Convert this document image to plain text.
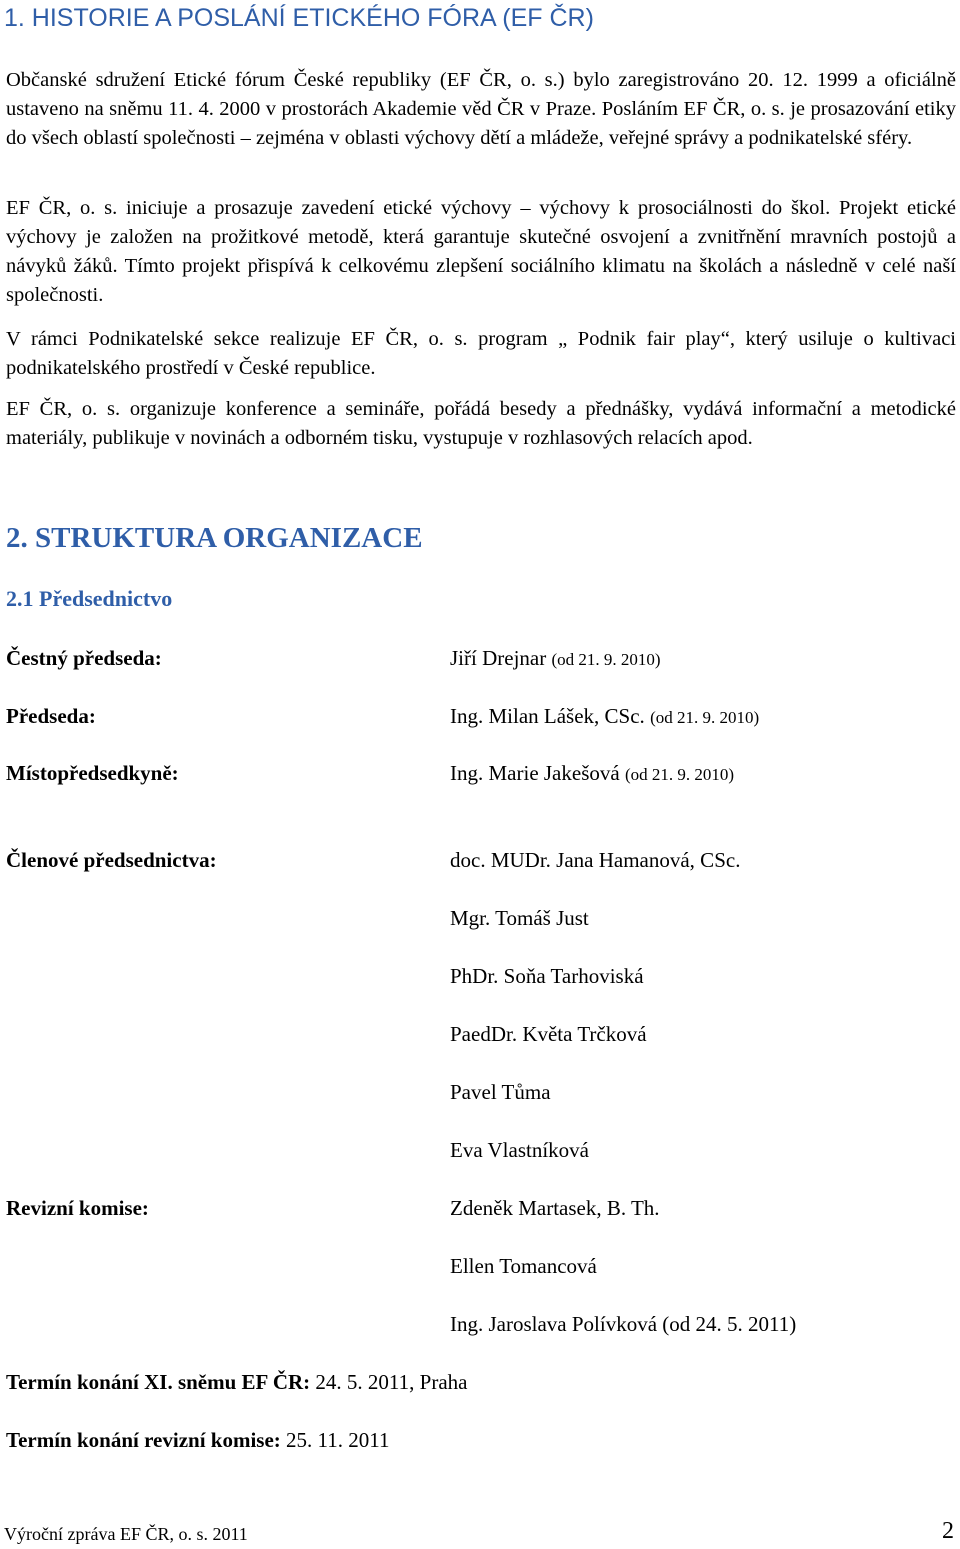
1. HISTORIE A POSLÁNÍ ETICKÉHO FÓRA (EF ČR)

Občanské sdružení Etické fórum České republiky (EF ČR, o. s.) bylo zaregistrováno 20. 12. 1999 a oficiálně ustaveno na sněmu 11. 4. 2000 v prostorách Akademie věd ČR v Praze. Posláním EF ČR, o. s. je prosazování etiky do všech oblastí společnosti – zejména v oblasti výchovy dětí a mládeže, veřejné správy a podnikatelské sféry.

EF ČR, o. s. iniciuje a prosazuje zavedení etické výchovy – výchovy k prosociálnosti do škol. Projekt etické výchovy je založen na prožitkové metodě, která garantuje skutečné osvojení a zvnitřnění mravních postojů a návyků žáků. Tímto projekt přispívá k celkovému zlepšení sociálního klimatu na školách a následně v celé naší společnosti.

V rámci Podnikatelské sekce realizuje EF ČR, o. s. program „ Podnik fair play“, který usiluje o kultivaci podnikatelského prostředí v České republice.

EF ČR, o. s. organizuje konference a semináře, pořádá besedy a přednášky, vydává informační a metodické materiály, publikuje v novinách a odborném tisku, vystupuje v rozhlasových relacích apod.

2. STRUKTURA ORGANIZACE
2.1 Předsednictvo
Čestný předseda:	Jiří Drejnar (od 21. 9. 2010)
Předseda:	Ing. Milan Lášek, CSc. (od 21. 9. 2010)
Místopředsedkyně:	Ing. Marie Jakešová (od 21. 9. 2010)
Členové předsednictva:	doc. MUDr. Jana Hamanová, CSc.
Mgr. Tomáš Just
PhDr. Soňa Tarhoviská
PaedDr. Květa Trčková
Pavel Tůma
Eva Vlastníková
Revizní komise:	Zdeněk Martasek, B. Th.
Ellen Tomancová
Ing. Jaroslava Polívková (od 24. 5. 2011)
Termín konání XI. sněmu EF ČR: 24. 5. 2011, Praha
Termín konání revizní komise: 25. 11. 2011
Výroční zpráva EF ČR, o. s. 2011	2
